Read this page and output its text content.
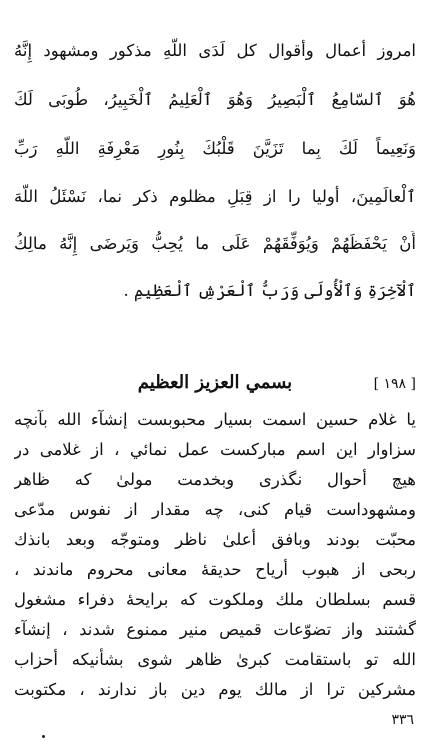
امروز أعمال وأقوال كل لَدَى اللّهِ مذكور ومشهود إِنَّهُ
هُوَ ٱلسّامِعُ ٱلْبَصِيرُ وَهُوَ ٱلْعَلِيمُ ٱلْخَبِيرُ، طُوبَى لَكَ
وَنَعِيماً لَكَ بِما تَزَيَّنَ قَلْبُكَ بِنُورِ مَعْرِفَةِ اللّهِ رَبِّ
ٱلْعالَمِينَ، أوليا را از قِبَلِ مظلوم ذكر نما، نَسْئَلُ اللّهَ
أَنْ يَحْفَظَهُمْ وَيُوَفِّقَهُمْ عَلَى ما يُحِبُّ وَيَرضَى إِنَّهُ مالِكُ
ٱلْآخِرَةِ وَٱلْأُولَى وَرَبُّ ٱلْعَرْشِ ٱلْعَظِيمِ .
[ ١٩٨ ]
بسمي العزيز العظيم
يا غلام حسين اسمت بسيار محبوبست إنشآء الله بآنچه
سزاوار اين اسم مباركست عمل نمائي ، از غلامى در
هيچ أحوال نگذرى وبخدمت مولىٰ كه ظاهر
ومشهوداست قيام كنى، چه مقدار از نفوس مدّعى
محبّت بودند وبافق أعلىٰ ناظر ومتوجّه وبعد بانذك
ربحى از هبوب أرياح حديقهٔ معانى محروم ماندند ،
قسم بسلطان ملك وملكوت كه برايحهٔ دفراء مشغول
گشتند واز تضوّعات قميص منير ممنوع شدند ، إنشآء
الله تو باستقامت كبرىٰ ظاهر شوى بشأنيكه أحزاب
مشركين ترا از مالك يوم دين باز ندارند ، مكتوبت
٣٣٦
